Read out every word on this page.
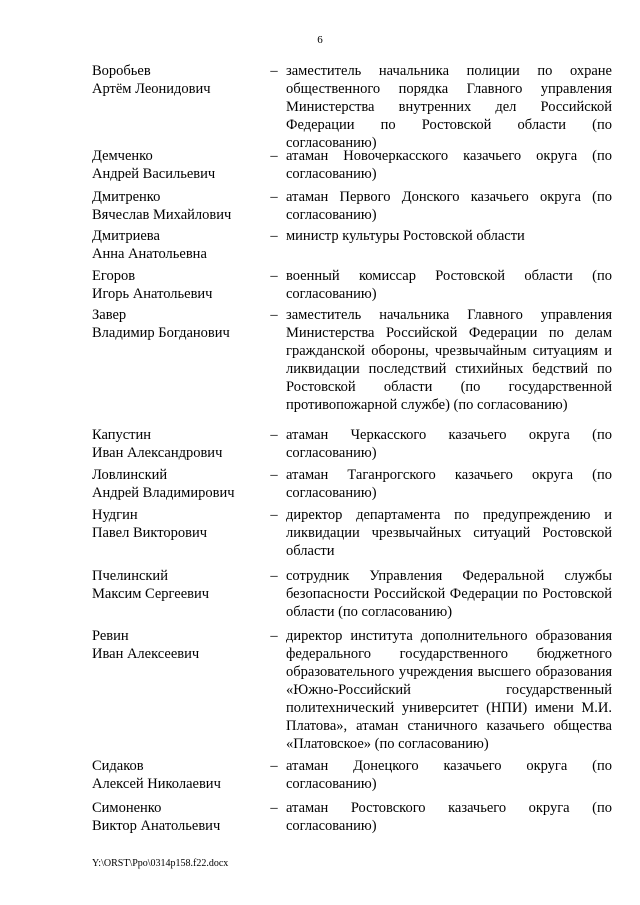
6
Воробьев
Артём Леонидович
– заместитель начальника полиции по охране общественного порядка Главного управления Министерства внутренних дел Российской Федерации по Ростовской области (по согласованию)
Демченко
Андрей Васильевич
– атаман Новочеркасского казачьего округа (по согласованию)
Дмитренко
Вячеслав Михайлович
– атаман Первого Донского казачьего округа (по согласованию)
Дмитриева
Анна Анатольевна
– министр культуры Ростовской области
Егоров
Игорь Анатольевич
– военный комиссар Ростовской области (по согласованию)
Завер
Владимир Богданович
– заместитель начальника Главного управления Министерства Российской Федерации по делам гражданской обороны, чрезвычайным ситуациям и ликвидации последствий стихийных бедствий по Ростовской области (по государственной противопожарной службе) (по согласованию)
Капустин
Иван Александрович
– атаман Черкасского казачьего округа (по согласованию)
Ловлинский
Андрей Владимирович
– атаман Таганрогского казачьего округа (по согласованию)
Нудгин
Павел Викторович
– директор департамента по предупреждению и ликвидации чрезвычайных ситуаций Ростовской области
Пчелинский
Максим Сергеевич
– сотрудник Управления Федеральной службы безопасности Российской Федерации по Ростовской области (по согласованию)
Ревин
Иван Алексеевич
– директор института дополнительного образования федерального государственного бюджетного образовательного учреждения высшего образования «Южно-Российский государственный политехнический университет (НПИ) имени М.И. Платова», атаман станичного казачьего общества «Платовское» (по согласованию)
Сидаков
Алексей Николаевич
– атаман Донецкого казачьего округа (по согласованию)
Симоненко
Виктор Анатольевич
– атаман Ростовского казачьего округа (по согласованию)
Y:\ORST\Ppo\0314p158.f22.docx
